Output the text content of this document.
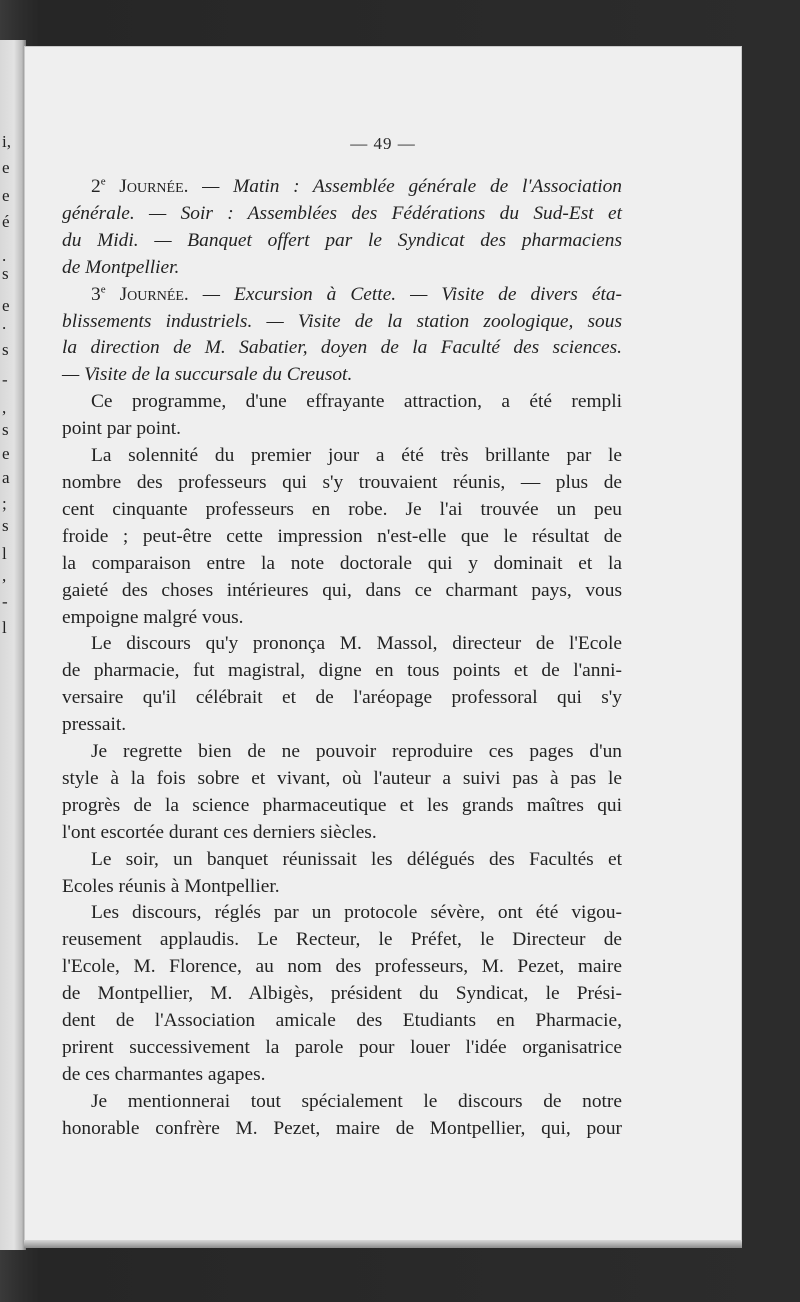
i,
e
e
é
.
s
e
.
s
-
,
s
e
a
;
s
l
,
-
l
— 49 —
2e Journée. — Matin : Assemblée générale de l'Association
générale. — Soir : Assemblées des Fédérations du Sud-Est et
du Midi. — Banquet offert par le Syndicat des pharmaciens
de Montpellier.
3e Journée. — Excursion à Cette. — Visite de divers éta-
blissements industriels. — Visite de la station zoologique, sous
la direction de M. Sabatier, doyen de la Faculté des sciences.
— Visite de la succursale du Creusot.
Ce programme, d'une effrayante attraction, a été rempli
point par point.
La solennité du premier jour a été très brillante par le
nombre des professeurs qui s'y trouvaient réunis, — plus de
cent cinquante professeurs en robe. Je l'ai trouvée un peu
froide ; peut-être cette impression n'est-elle que le résultat de
la comparaison entre la note doctorale qui y dominait et la
gaieté des choses intérieures qui, dans ce charmant pays, vous
empoigne malgré vous.
Le discours qu'y prononça M. Massol, directeur de l'Ecole
de pharmacie, fut magistral, digne en tous points et de l'anni-
versaire qu'il célébrait et de l'aréopage professoral qui s'y
pressait.
Je regrette bien de ne pouvoir reproduire ces pages d'un
style à la fois sobre et vivant, où l'auteur a suivi pas à pas le
progrès de la science pharmaceutique et les grands maîtres qui
l'ont escortée durant ces derniers siècles.
Le soir, un banquet réunissait les délégués des Facultés et
Ecoles réunis à Montpellier.
Les discours, réglés par un protocole sévère, ont été vigou-
reusement applaudis. Le Recteur, le Préfet, le Directeur de
l'Ecole, M. Florence, au nom des professeurs, M. Pezet, maire
de Montpellier, M. Albigès, président du Syndicat, le Prési-
dent de l'Association amicale des Etudiants en Pharmacie,
prirent successivement la parole pour louer l'idée organisatrice
de ces charmantes agapes.
Je mentionnerai tout spécialement le discours de notre
honorable confrère M. Pezet, maire de Montpellier, qui, pour
